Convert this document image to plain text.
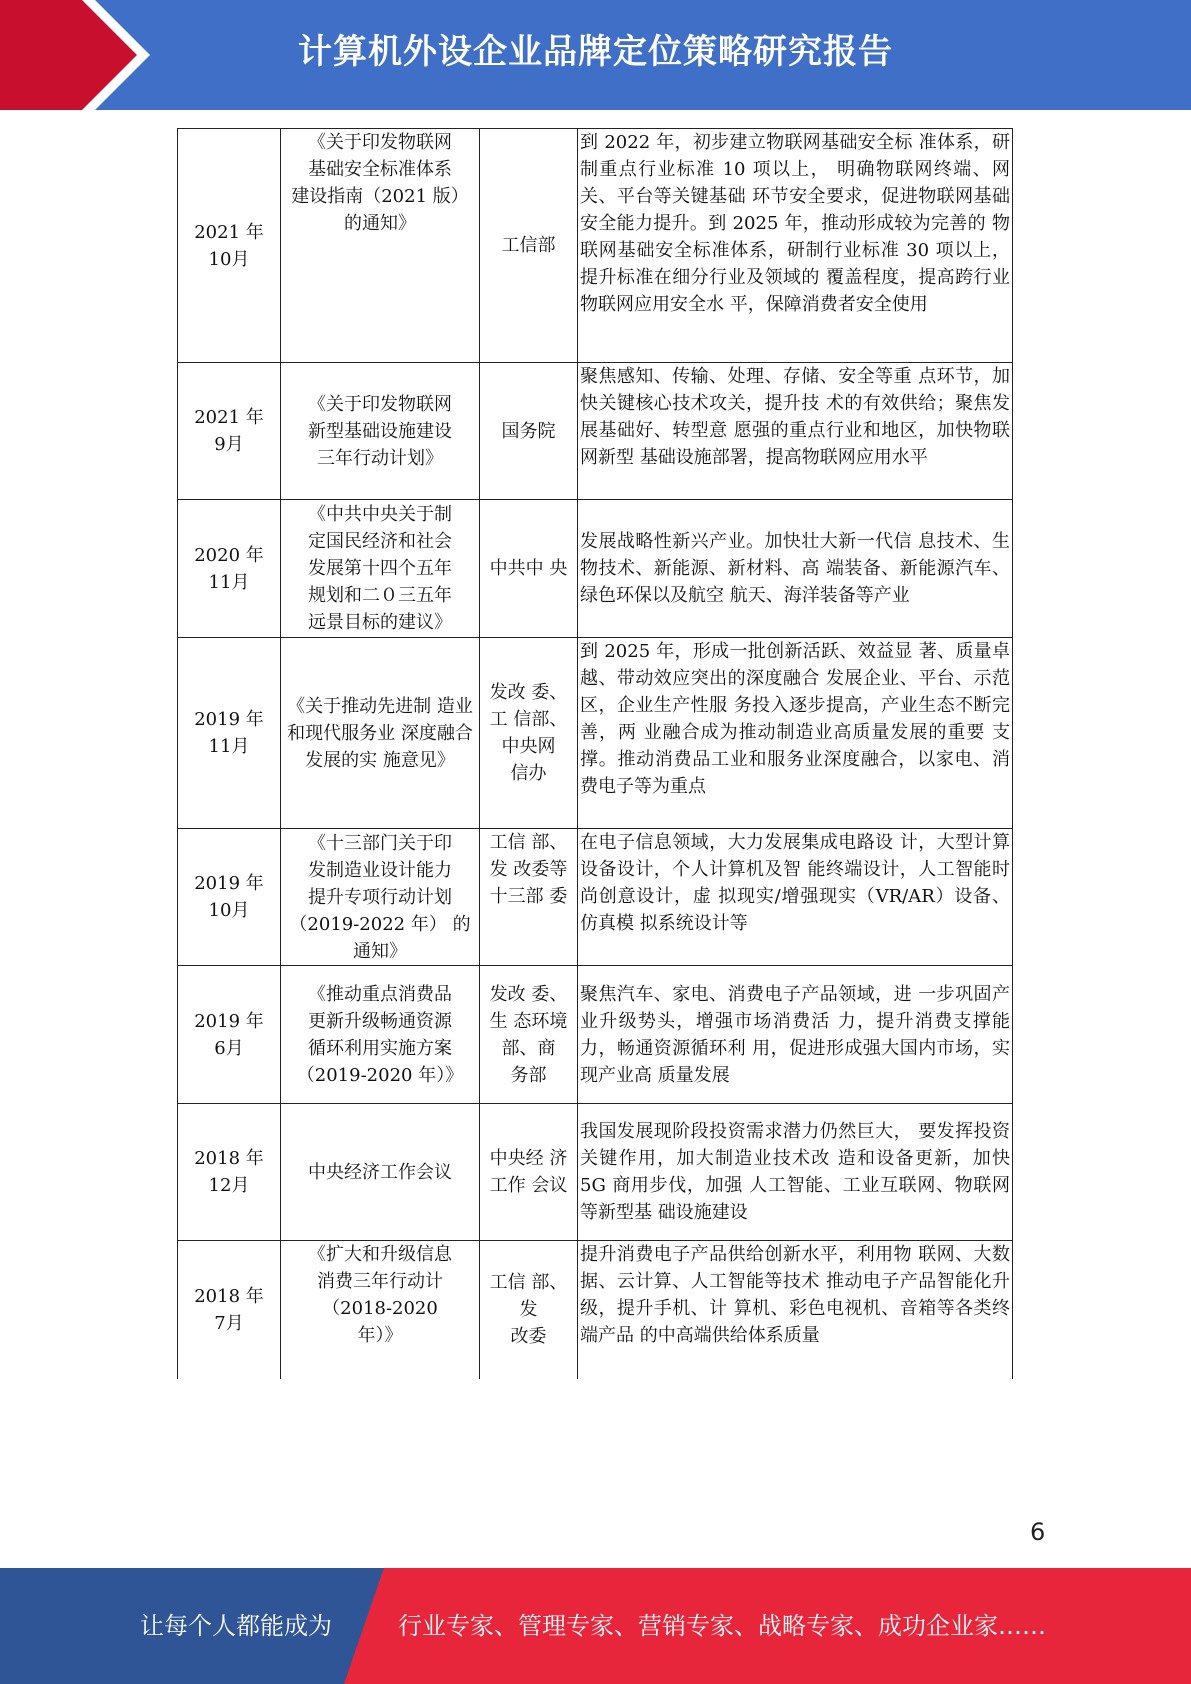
计算机外设企业品牌定位策略研究报告
2021 年
10月	《关于印发物联网
基础安全标准体系
建设指南（2021 版）
的通知》	工信部	到 2022 年，初步建立物联网基础安全标 准体系，研制重点行业标准 10 项以上， 明确物联网终端、网关、平台等关键基础 环节安全要求，促进物联网基础安全能力提升。到 2025 年，推动形成较为完善的 物联网基础安全标准体系，研制行业标准 30 项以上，提升标准在细分行业及领域的 覆盖程度，提高跨行业物联网应用安全水 平，保障消费者安全使用
2021 年
9月	《关于印发物联网
新型基础设施建设
三年行动计划》	国务院	聚焦感知、传输、处理、存储、安全等重 点环节，加快关键核心技术攻关，提升技 术的有效供给；聚焦发展基础好、转型意 愿强的重点行业和地区，加快物联网新型 基础设施部署，提高物联网应用水平
2020 年
11月	《中共中央关于制
定国民经济和社会
发展第十四个五年
规划和二０三五年
远景目标的建议》	中共中 央	发展战略性新兴产业。加快壮大新一代信 息技术、生物技术、新能源、新材料、高 端装备、新能源汽车、绿色环保以及航空 航天、海洋装备等产业
2019 年
11月	《关于推动先进制 造业和现代服务业 深度融合发展的实 施意见》	发改 委、工 信部、
中央网
信办	到 2025 年，形成一批创新活跃、效益显 著、质量卓越、带动效应突出的深度融合 发展企业、平台、示范区，企业生产性服 务投入逐步提高，产业生态不断完善，两 业融合成为推动制造业高质量发展的重要 支撑。推动消费品工业和服务业深度融合，以家电、消费电子等为重点
2019 年
10月	《十三部门关于印
发制造业设计能力
提升专项行动计划
（2019-2022 年） 的
通知》	工信 部、发 改委等
十三部 委	在电子信息领域，大力发展集成电路设 计，大型计算设备设计，个人计算机及智 能终端设计，人工智能时尚创意设计，虚 拟现实/增强现实（VR/AR）设备、仿真模 拟系统设计等
2019 年
6月	《推动重点消费品
更新升级畅通资源
循环利用实施方案
（2019-2020 年）》	发改 委、生 态环境
部、商
务部	聚焦汽车、家电、消费电子产品领域，进 一步巩固产业升级势头，增强市场消费活 力，提升消费支撑能力，畅通资源循环利 用，促进形成强大国内市场，实现产业高 质量发展
2018 年
12月	中央经济工作会议	中央经 济
工作 会议	我国发展现阶段投资需求潜力仍然巨大， 要发挥投资关键作用，加大制造业技术改 造和设备更新，加快 5G 商用步伐，加强 人工智能、工业互联网、物联网等新型基 础设施建设
2018 年
7月	《扩大和升级信息
消费三年行动计
（2018-2020
年）》	工信 部、发
改委	提升消费电子产品供给创新水平，利用物 联网、大数据、云计算、人工智能等技术 推动电子产品智能化升级，提升手机、计 算机、彩色电视机、音箱等各类终端产品 的中高端供给体系质量
6
让每个人都能成为	行业专家、管理专家、营销专家、战略专家、成功企业家……
